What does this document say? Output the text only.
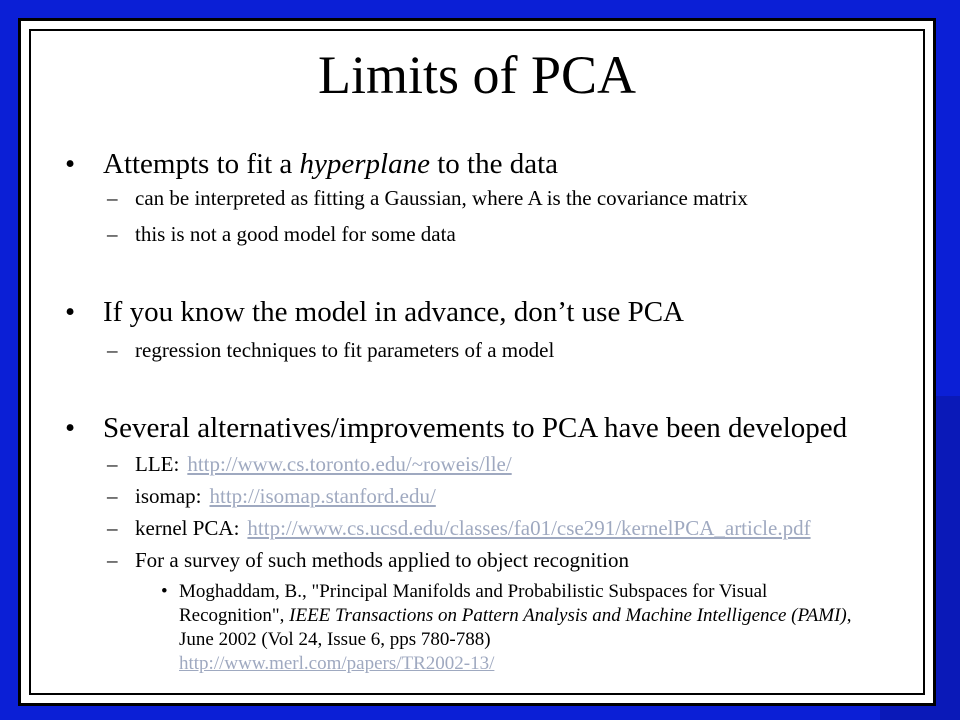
Limits of PCA
• Attempts to fit a hyperplane to the data
– can be interpreted as fitting a Gaussian, where A is the covariance matrix
– this is not a good model for some data
• If you know the model in advance, don’t use PCA
– regression techniques to fit parameters of a model
• Several alternatives/improvements to PCA have been developed
– LLE: http://www.cs.toronto.edu/~roweis/lle/
– isomap: http://isomap.stanford.edu/
– kernel PCA: http://www.cs.ucsd.edu/classes/fa01/cse291/kernelPCA_article.pdf
– For a survey of such methods applied to object recognition
• Moghaddam, B., "Principal Manifolds and Probabilistic Subspaces for Visual Recognition", IEEE Transactions on Pattern Analysis and Machine Intelligence (PAMI), June 2002 (Vol 24, Issue 6, pps 780-788)
http://www.merl.com/papers/TR2002-13/
